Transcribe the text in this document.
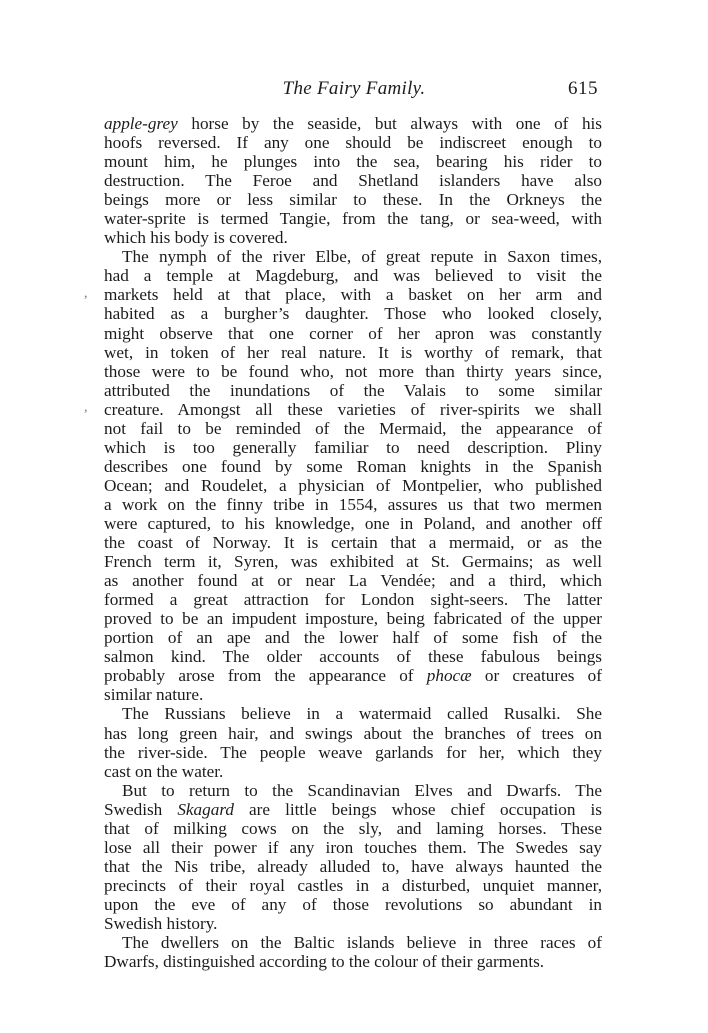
The Fairy Family.	615
,
,
apple-grey horse by the seaside, but always with one of his
hoofs reversed. If any one should be indiscreet enough to
mount him, he plunges into the sea, bearing his rider to
destruction. The Feroe and Shetland islanders have also
beings more or less similar to these. In the Orkneys the
water-sprite is termed Tangie, from the tang, or sea-weed, with
which his body is covered.
The nymph of the river Elbe, of great repute in Saxon times,
had a temple at Magdeburg, and was believed to visit the
markets held at that place, with a basket on her arm and
habited as a burgher’s daughter. Those who looked closely,
might observe that one corner of her apron was constantly
wet, in token of her real nature. It is worthy of remark, that
those were to be found who, not more than thirty years since,
attributed the inundations of the Valais to some similar
creature. Amongst all these varieties of river-spirits we shall
not fail to be reminded of the Mermaid, the appearance of
which is too generally familiar to need description. Pliny
describes one found by some Roman knights in the Spanish
Ocean; and Roudelet, a physician of Montpelier, who published
a work on the finny tribe in 1554, assures us that two mermen
were captured, to his knowledge, one in Poland, and another off
the coast of Norway. It is certain that a mermaid, or as the
French term it, Syren, was exhibited at St. Germains; as well
as another found at or near La Vendée; and a third, which
formed a great attraction for London sight-seers. The latter
proved to be an impudent imposture, being fabricated of the upper
portion of an ape and the lower half of some fish of the
salmon kind. The older accounts of these fabulous beings
probably arose from the appearance of phocæ or creatures of
similar nature.
The Russians believe in a watermaid called Rusalki. She
has long green hair, and swings about the branches of trees on
the river-side. The people weave garlands for her, which they
cast on the water.
But to return to the Scandinavian Elves and Dwarfs. The
Swedish Skagard are little beings whose chief occupation is
that of milking cows on the sly, and laming horses. These
lose all their power if any iron touches them. The Swedes say
that the Nis tribe, already alluded to, have always haunted the
precincts of their royal castles in a disturbed, unquiet manner,
upon the eve of any of those revolutions so abundant in
Swedish history.
The dwellers on the Baltic islands believe in three races of
Dwarfs, distinguished according to the colour of their garments.
